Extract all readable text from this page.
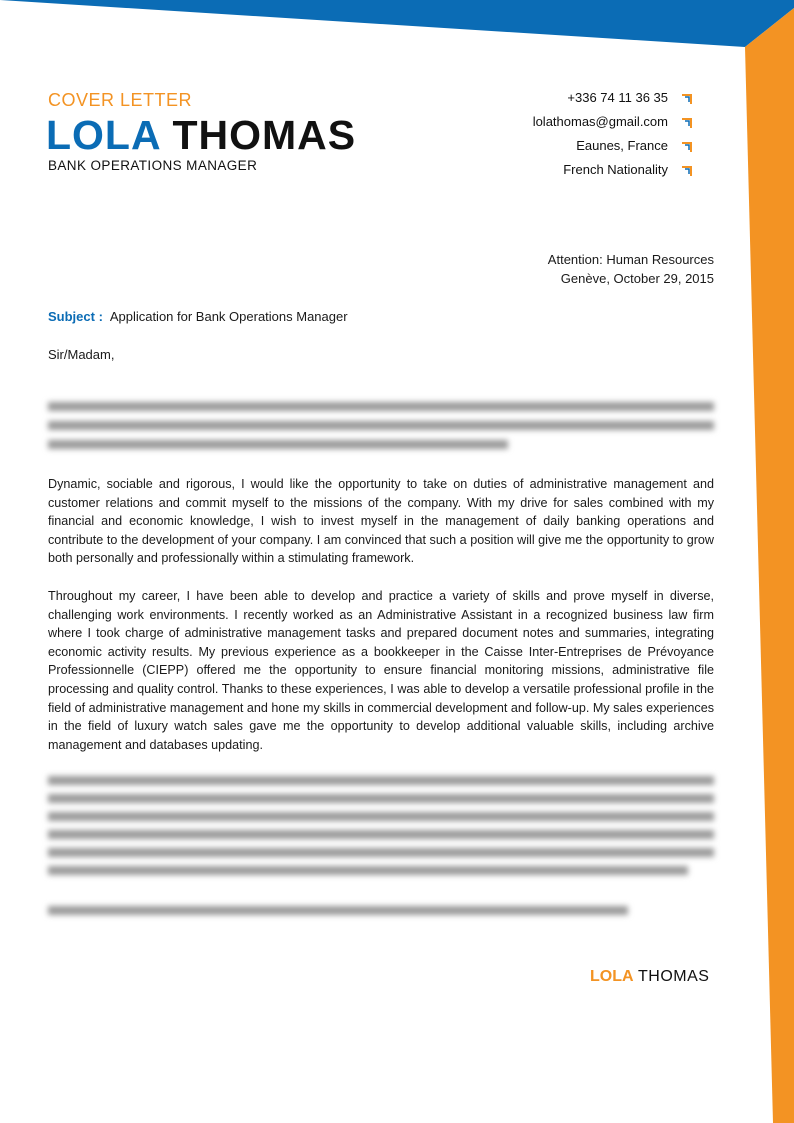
COVER LETTER
LOLA THOMAS
BANK OPERATIONS MANAGER
+336 74 11 36 35
lolathomas@gmail.com
Eaunes, France
French Nationality
Attention: Human Resources
Genève, October 29, 2015
Subject : Application for Bank Operations Manager
Sir/Madam,
Dynamic, sociable and rigorous, I would like the opportunity to take on duties of administrative management and customer relations and commit myself to the missions of the company. With my drive for sales combined with my financial and economic knowledge, I wish to invest myself in the management of daily banking operations and contribute to the development of your company. I am convinced that such a position will give me the opportunity to grow both personally and professionally within a stimulating framework.
Throughout my career, I have been able to develop and practice a variety of skills and prove myself in diverse, challenging work environments. I recently worked as an Administrative Assistant in a recognized business law firm where I took charge of administrative management tasks and prepared document notes and summaries, integrating economic activity results. My previous experience as a bookkeeper in the Caisse Inter-Entreprises de Prévoyance Professionnelle (CIEPP) offered me the opportunity to ensure financial monitoring missions, administrative file processing and quality control. Thanks to these experiences, I was able to develop a versatile professional profile in the field of administrative management and hone my skills in commercial development and follow-up. My sales experiences in the field of luxury watch sales gave me the opportunity to develop additional valuable skills, including archive management and databases updating.
LOLA THOMAS
